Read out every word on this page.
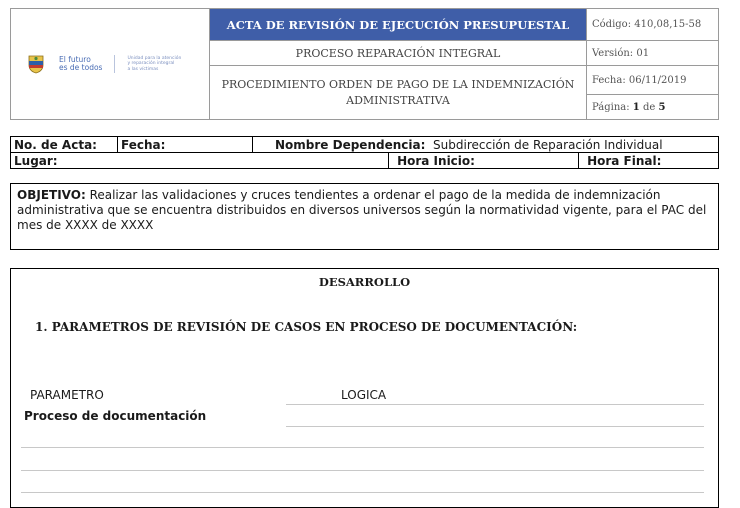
El futuro
es de todos
Unidad para la atención
y reparación integral
a las víctimas	ACTA DE REVISIÓN DE EJECUCIÓN PRESUPUESTAL	Código: 410,08,15-58
	PROCESO REPARACIÓN INTEGRAL	Versión: 01
	PROCEDIMIENTO ORDEN DE PAGO DE LA INDEMNIZACIÓN ADMINISTRATIVA	Fecha: 06/11/2019
		Página: 1 de 5
No. de Acta:	Fecha:	Nombre Dependencia: Subdirección de Reparación Individual		
Lugar:			Hora Inicio:	Hora Final:
OBJETIVO: Realizar las validaciones y cruces tendientes a ordenar el pago de la medida de indemnización administrativa que se encuentra distribuidos en diversos universos según la normatividad vigente, para el PAC del mes de XXXX de XXXX
DESARROLLO
1. PARAMETROS DE REVISIÓN DE CASOS EN PROCESO DE DOCUMENTACIÓN:
PARAMETRO	LOGICA
Proceso de documentación
